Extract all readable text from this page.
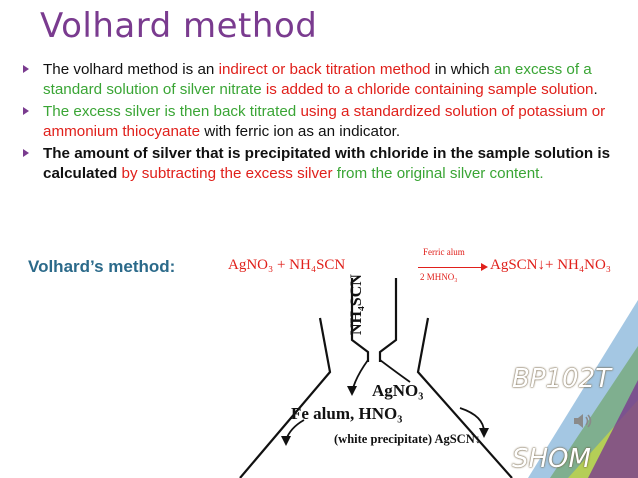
Volhard method
The volhard method is an indirect or back titration method in which an excess of a standard solution of silver nitrate is added to a chloride containing sample solution.
The excess silver is then back titrated using a standardized solution of potassium or ammonium thiocyanate with ferric ion as an indicator.
The amount of silver that is precipitated with chloride in the sample solution is calculated by subtracting the excess silver from the original silver content.
Volhard’s method:	AgNO₃ + NH₄SCN
Ferric alum
2 MHNO₃
AgSCN↓+ NH₄NO₃
NH₄SCN
AgNO₃
Fe alum, HNO₃
(white precipitate) AgSCN↓
BP102T
SHOM
